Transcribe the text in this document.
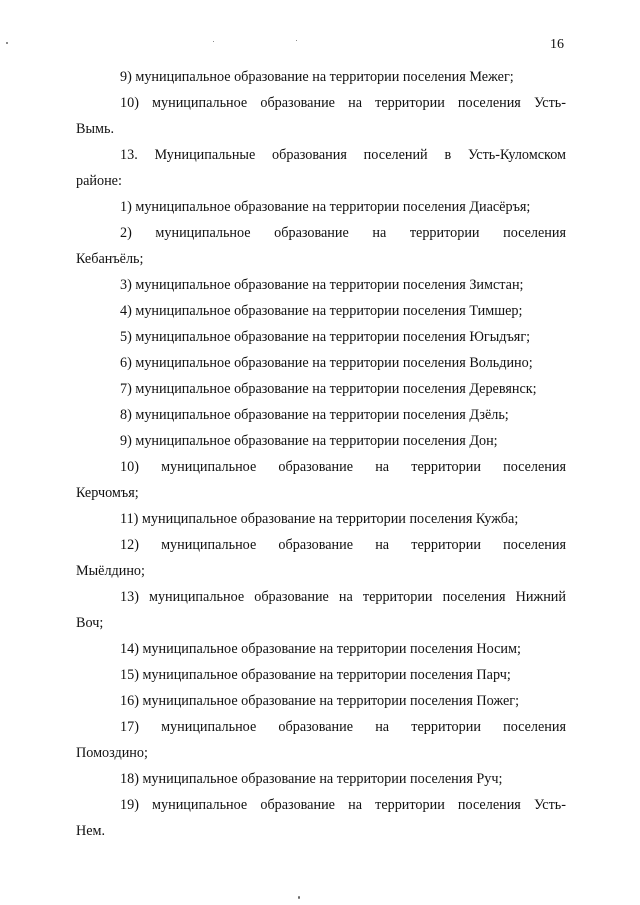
16
9) муниципальное образование на территории поселения Межег;
10) муниципальное образование на территории поселения Усть-
Вымь.
13. Муниципальные образования поселений в Усть-Куломском
районе:
1) муниципальное образование на территории поселения Диасёръя;
2) муниципальное образование на территории поселения
Кебанъёль;
3) муниципальное образование на территории поселения Зимстан;
4) муниципальное образование на территории поселения Тимшер;
5) муниципальное образование на территории поселения Югыдъяг;
6) муниципальное образование на территории поселения Вольдино;
7) муниципальное образование на территории поселения Деревянск;
8) муниципальное образование на территории поселения Дзёль;
9) муниципальное образование на территории поселения Дон;
10) муниципальное образование на территории поселения
Керчомъя;
11) муниципальное образование на территории поселения Кужба;
12) муниципальное образование на территории поселения
Мыёлдино;
13) муниципальное образование на территории поселения Нижний
Воч;
14) муниципальное образование на территории поселения Носим;
15) муниципальное образование на территории поселения Парч;
16) муниципальное образование на территории поселения Пожег;
17) муниципальное образование на территории поселения
Помоздино;
18) муниципальное образование на территории поселения Руч;
19) муниципальное образование на территории поселения Усть-
Нем.
